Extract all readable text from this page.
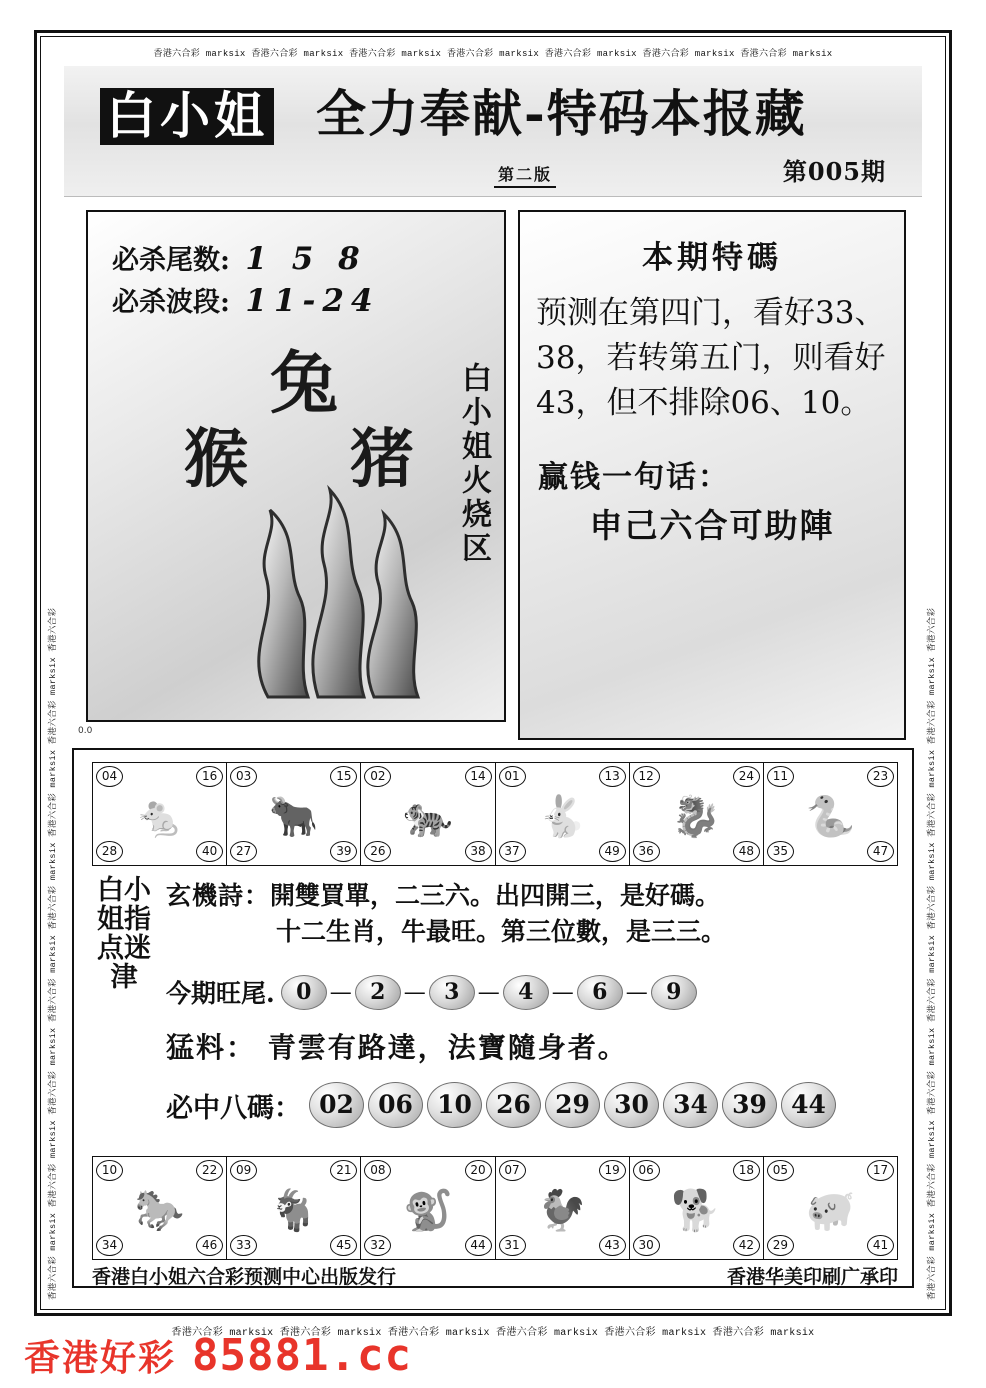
香港六合彩 marksix 香港六合彩 marksix 香港六合彩 marksix 香港六合彩 marksix 香港六合彩 marksix 香港六合彩 marksix 香港六合彩 marksix
香港六合彩 marksix 香港六合彩 marksix 香港六合彩 marksix 香港六合彩 marksix 香港六合彩 marksix 香港六合彩 marksix
香港六合彩 marksix 香港六合彩 marksix 香港六合彩 marksix 香港六合彩 marksix 香港六合彩 marksix 香港六合彩 marksix 香港六合彩 marksix 香港六合彩	香港六合彩 marksix 香港六合彩 marksix 香港六合彩 marksix 香港六合彩 marksix 香港六合彩 marksix 香港六合彩 marksix 香港六合彩 marksix 香港六合彩
白小姐 全力奉献-特码本报藏
第二版	第005期
必杀尾数: 1 5 8
必杀波段: 11-24
兔
猴 猪 白小姐火烧区
本期特碼
预测在第四门，看好33、38，若转第五门，则看好43，但不排除06、10。
赢钱一句话：
申己六合可助陣
0.0
04	16
🐁
28	40
03	15
🐂
27	39
02	14
🐅
26	38
01	13
🐇
37	49
12	24
🐉
36	48
11	23
🐍
35	47
白小姐指点迷津
玄機詩：開雙買單，二三六。出四開三，是好碼。
十二生肖，牛最旺。第三位數，是三三。
今期旺尾. 0 — 2 — 3 — 4 — 6 — 9
猛料： 青雲有路達，法寶隨身者。
必中八碼： 02 06 10 26 29 30 34 39 44
10	22
🐎
34	46
09	21
🐐
33	45
08	20
🐒
32	44
07	19
🐓
31	43
06	18
🐕
30	42
05	17
🐖
29	41
香港白小姐六合彩预测中心出版发行	香港华美印刷广承印
香港好彩 85881.cc
